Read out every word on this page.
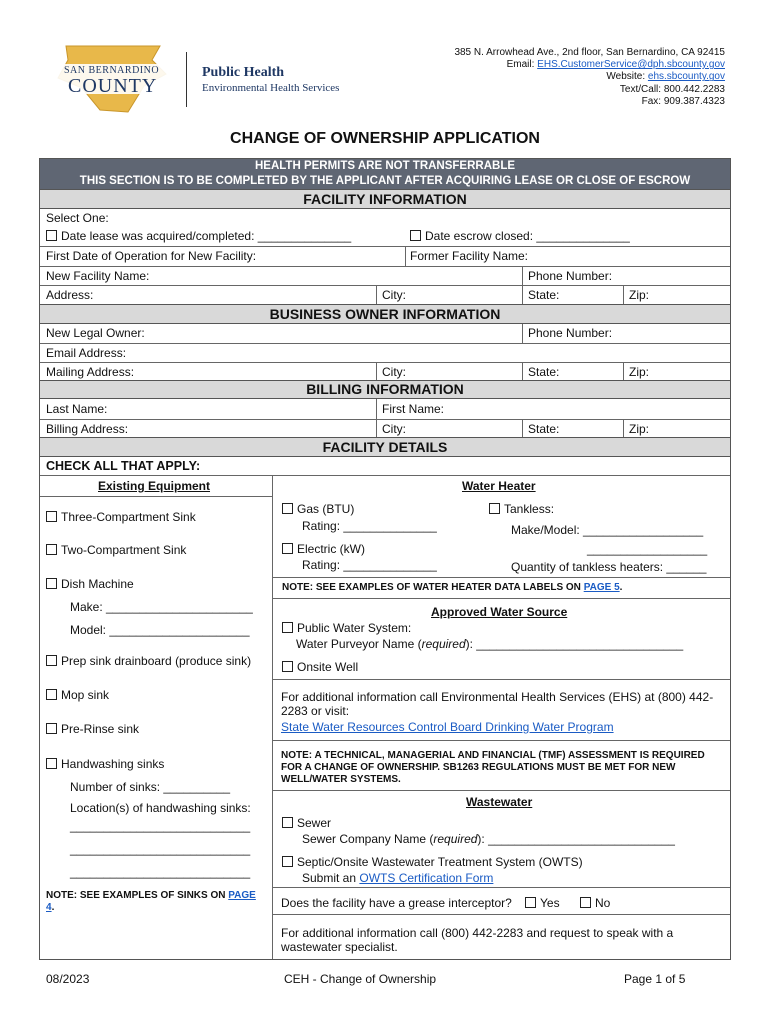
SAN BERNARDINO
COUNTY
Public Health
Environmental Health Services
385 N. Arrowhead Ave., 2nd floor, San Bernardino, CA 92415
Email: EHS.CustomerService@dph.sbcounty.gov
Website: ehs.sbcounty.gov
Text/Call: 800.442.2283
Fax: 909.387.4323
CHANGE OF OWNERSHIP APPLICATION
HEALTH PERMITS ARE NOT TRANSFERRABLE
THIS SECTION IS TO BE COMPLETED BY THE APPLICANT AFTER ACQUIRING LEASE OR CLOSE OF ESCROW
FACILITY INFORMATION
Select One:
Date lease was acquired/completed: ______________	Date escrow closed: ______________
First Date of Operation for New Facility:	Former Facility Name:
New Facility Name:	Phone Number:
Address:	City:	State:	Zip:
BUSINESS OWNER INFORMATION
New Legal Owner:	Phone Number:
Email Address:
Mailing Address:	City:	State:	Zip:
BILLING INFORMATION
Last Name:	First Name:
Billing Address:	City:	State:	Zip:
FACILITY DETAILS
CHECK ALL THAT APPLY:
Existing Equipment
Three-Compartment Sink
Two-Compartment Sink
Dish Machine
Make: ______________________
Model: _____________________
Prep sink drainboard (produce sink)
Mop sink
Pre-Rinse sink
Handwashing sinks
Number of sinks: __________
Location(s) of handwashing sinks:
___________________________
___________________________
___________________________
NOTE: SEE EXAMPLES OF SINKS ON PAGE 4.
Water Heater
Gas (BTU)
Rating: ______________
Tankless:
Make/Model: __________________
__________________
Electric (kW)
Rating: ______________	Quantity of tankless heaters: ______
NOTE: SEE EXAMPLES OF WATER HEATER DATA LABELS ON PAGE 5.
Approved Water Source
Public Water System:
Water Purveyor Name (required): _______________________________
Onsite Well
For additional information call Environmental Health Services (EHS) at (800) 442-2283 or visit:
State Water Resources Control Board Drinking Water Program
NOTE: A TECHNICAL, MANAGERIAL AND FINANCIAL (TMF) ASSESSMENT IS REQUIRED FOR A CHANGE OF OWNERSHIP. SB1263 REGULATIONS MUST BE MET FOR NEW WELL/WATER SYSTEMS.
Wastewater
Sewer
Sewer Company Name (required): ____________________________
Septic/Onsite Wastewater Treatment System (OWTS)
Submit an OWTS Certification Form
Does the facility have a grease interceptor?	Yes	No
For additional information call (800) 442-2283 and request to speak with a wastewater specialist.
08/2023	CEH - Change of Ownership	Page 1 of 5
